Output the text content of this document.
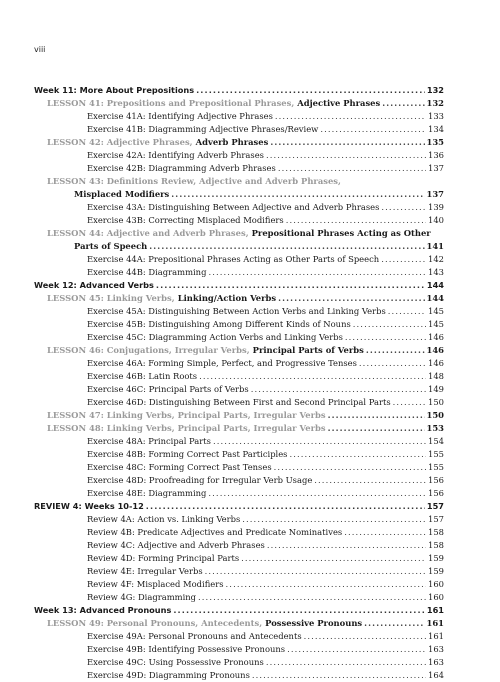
viii
Week 11: More About Prepositions .....	132
LESSON 41: Prepositions and Prepositional Phrases, Adjective Phrases .....	132
Exercise 41A: Identifying Adjective Phrases .....	133
Exercise 41B: Diagramming Adjective Phrases/Review .....	134
LESSON 42: Adjective Phrases, Adverb Phrases .....	135
Exercise 42A: Identifying Adverb Phrases .....	136
Exercise 42B: Diagramming Adverb Phrases .....	137
LESSON 43: Definitions Review, Adjective and Adverb Phrases,
Misplaced Modifiers .....	137
Exercise 43A: Distinguishing Between Adjective and Adverb Phrases .....	139
Exercise 43B: Correcting Misplaced Modifiers .....	140
LESSON 44: Adjective and Adverb Phrases, Prepositional Phrases Acting as Other
Parts of Speech .....	141
Exercise 44A: Prepositional Phrases Acting as Other Parts of Speech .....	142
Exercise 44B: Diagramming .....	143
Week 12: Advanced Verbs .....	144
LESSON 45: Linking Verbs, Linking/Action Verbs .....	144
Exercise 45A: Distinguishing Between Action Verbs and Linking Verbs .....	145
Exercise 45B: Distinguishing Among Different Kinds of Nouns .....	145
Exercise 45C: Diagramming Action Verbs and Linking Verbs .....	146
LESSON 46: Conjugations, Irregular Verbs, Principal Parts of Verbs .....	146
Exercise 46A: Forming Simple, Perfect, and Progressive Tenses .....	146
Exercise 46B: Latin Roots .....	148
Exercise 46C: Principal Parts of Verbs .....	149
Exercise 46D: Distinguishing Between First and Second Principal Parts .....	150
LESSON 47: Linking Verbs, Principal Parts, Irregular Verbs .....	150
LESSON 48: Linking Verbs, Principal Parts, Irregular Verbs .....	153
Exercise 48A: Principal Parts .....	154
Exercise 48B: Forming Correct Past Participles .....	155
Exercise 48C: Forming Correct Past Tenses .....	155
Exercise 48D: Proofreading for Irregular Verb Usage .....	156
Exercise 48E: Diagramming .....	156
REVIEW 4: Weeks 10-12 .....	157
Review 4A: Action vs. Linking Verbs .....	157
Review 4B: Predicate Adjectives and Predicate Nominatives .....	158
Review 4C: Adjective and Adverb Phrases .....	158
Review 4D: Forming Principal Parts .....	159
Review 4E: Irregular Verbs .....	159
Review 4F: Misplaced Modifiers .....	160
Review 4G: Diagramming .....	160
Week 13: Advanced Pronouns .....	161
LESSON 49: Personal Pronouns, Antecedents, Possessive Pronouns .....	161
Exercise 49A: Personal Pronouns and Antecedents .....	161
Exercise 49B: Identifying Possessive Pronouns .....	163
Exercise 49C: Using Possessive Pronouns .....	163
Exercise 49D: Diagramming Pronouns .....	164
